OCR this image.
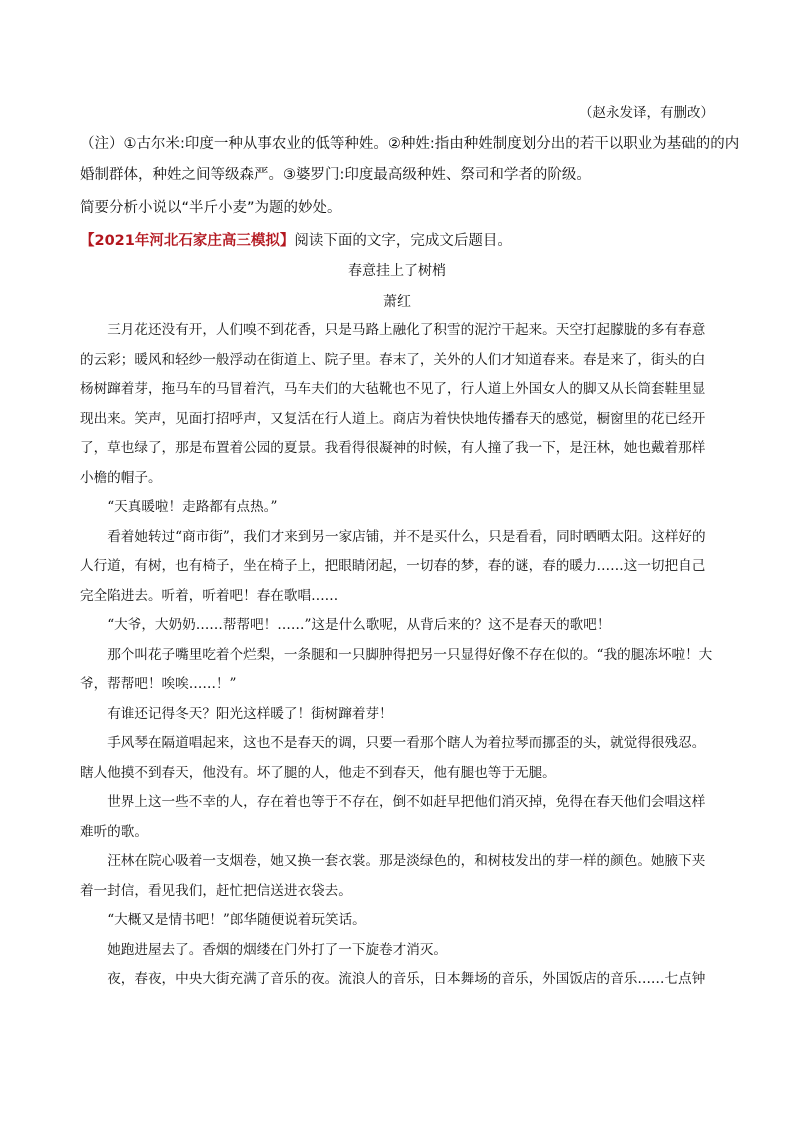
（赵永发译，有删改）
（注）①古尔米:印度一种从事农业的低等种姓。②种姓:指由种姓制度划分出的若干以职业为基础的的内
婚制群体，种姓之间等级森严。③婆罗门:印度最高级种姓、祭司和学者的阶级。
简要分析小说以“半斤小麦”为题的妙处。
【2021年河北石家庄高三模拟】阅读下面的文字，完成文后题目。
春意挂上了树梢
萧红

三月花还没有开，人们嗅不到花香，只是马路上融化了积雪的泥泞干起来。天空打起朦胧的多有春意的云彩；暖风和轻纱一般浮动在街道上、院子里。春末了，关外的人们才知道春来。春是来了，街头的白杨树蹿着芽，拖马车的马冒着汽，马车夫们的大毡靴也不见了，行人道上外国女人的脚又从长筒套鞋里显现出来。笑声，见面打招呼声，又复活在行人道上。商店为着快快地传播春天的感觉，橱窗里的花已经开了，草也绿了，那是布置着公园的夏景。我看得很凝神的时候，有人撞了我一下，是汪林，她也戴着那样小檐的帽子。

“天真暖啦！走路都有点热。”

看着她转过“商市街”，我们才来到另一家店铺，并不是买什么，只是看看，同时晒晒太阳。这样好的人行道，有树，也有椅子，坐在椅子上，把眼睛闭起，一切春的梦，春的谜，春的暖力……这一切把自己完全陷进去。听着，听着吧！春在歌唱……

“大爷，大奶奶……帮帮吧！……”这是什么歌呢，从背后来的？这不是春天的歌吧！

那个叫花子嘴里吃着个烂梨，一条腿和一只脚肿得把另一只显得好像不存在似的。“我的腿冻坏啦！大爷，帮帮吧！唉唉……！”

有谁还记得冬天？阳光这样暖了！街树蹿着芽！

手风琴在隔道唱起来，这也不是春天的调，只要一看那个瞎人为着拉琴而挪歪的头，就觉得很残忍。瞎人他摸不到春天，他没有。坏了腿的人，他走不到春天，他有腿也等于无腿。

世界上这一些不幸的人，存在着也等于不存在，倒不如赶早把他们消灭掉，免得在春天他们会唱这样难听的歌。

汪林在院心吸着一支烟卷，她又换一套衣裳。那是淡绿色的，和树枝发出的芽一样的颜色。她腋下夹着一封信，看见我们，赶忙把信送进衣袋去。

“大概又是情书吧！”郎华随便说着玩笑话。

她跑进屋去了。香烟的烟缕在门外打了一下旋卷才消灭。

夜，春夜，中央大街充满了音乐的夜。流浪人的音乐，日本舞场的音乐，外国饭店的音乐……七点钟
